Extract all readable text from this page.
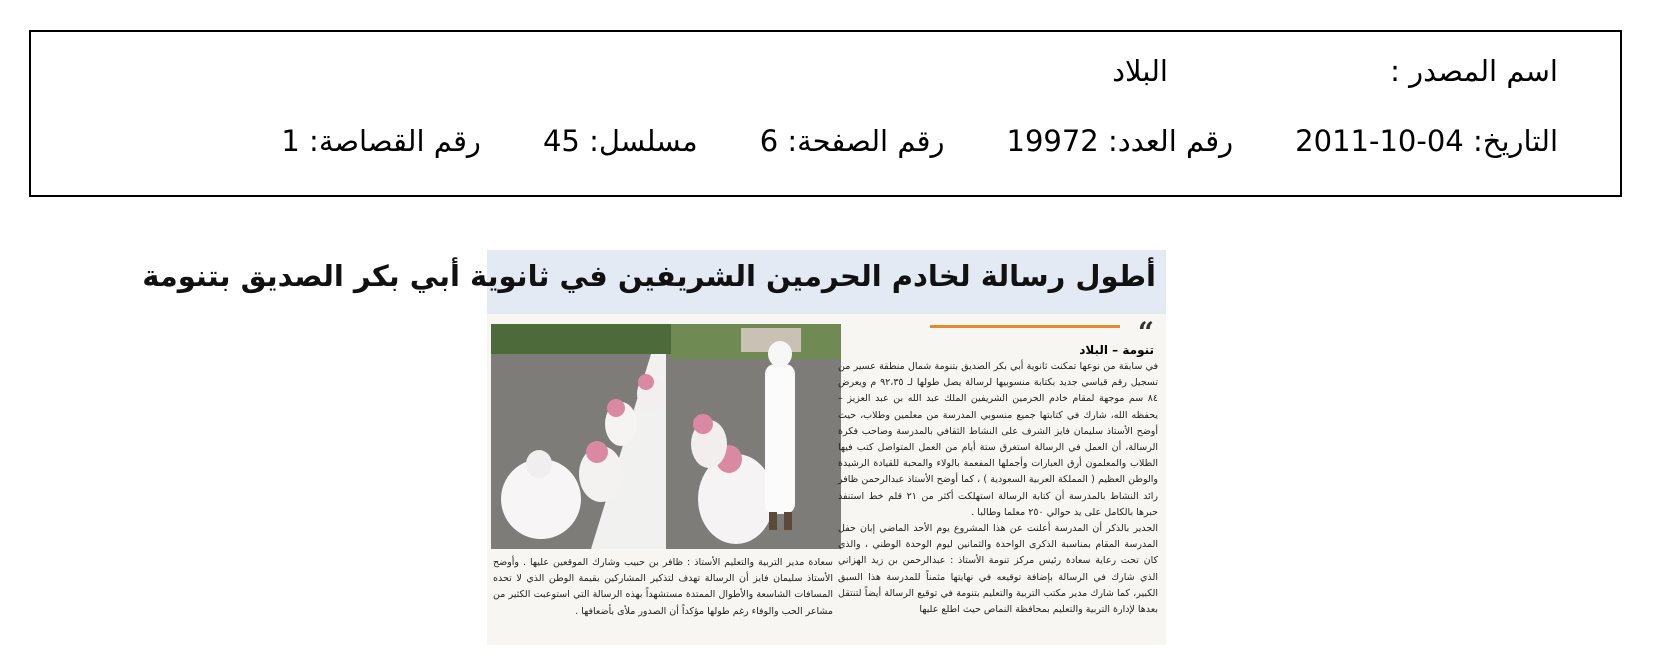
اسم المصدر :
البلاد
التاريخ: 04-10-2011
رقم العدد: 19972
رقم الصفحة: 6
مسلسل: 45
رقم القصاصة: 1
أطول رسالة لخادم الحرمين الشريفين في ثانوية أبي بكر الصديق بتنومة
“
تنومة – البلاد

في سابقة من نوعها تمكنت ثانوية أبي بكر الصديق بتنومة شمال منطقة عسير من تسجيل رقم قياسي جديد بكتابة منسوبيها لرسالة يصل طولها لـ ٩٢،٣٥ م ويعرض ٨٤ سم موجهة لمقام خادم الحرمين الشريفين الملك عبد الله بن عبد العزيز – يحفظه الله، شارك في كتابتها جميع منسوبي المدرسة من معلمين وطلاب، حيث أوضح الأستاذ سليمان فايز الشرف على النشاط الثقافي بالمدرسة وصاحب فكرة الرسالة، أن العمل في الرسالة استغرق ستة أيام من العمل المتواصل كتب فيها الطلاب والمعلمون أرق العبارات وأجملها المفعمة بالولاء والمحبة للقيادة الرشيدة والوطن العظيم ( المملكة العربية السعودية ) ، كما أوضح الأستاذ عبدالرحمن ظافر رائد النشاط بالمدرسة أن كتابة الرسالة استهلكت أكثر من ٢١ قلم خط استنفد حبرها بالكامل على يد حوالي ٢٥٠ معلما وطالبا .

الجدير بالذكر أن المدرسة أعلنت عن هذا المشروع يوم الأحد الماضي إبان حفل المدرسة المقام بمناسبة الذكرى الواحدة والثمانين ليوم الوحدة الوطني ، والذي كان تحت رعاية سعادة رئيس مركز تنومة الأستاذ : عبدالرحمن بن زيد الهزاني الذي شارك في الرسالة بإضافة توقيعه في نهايتها مثمناً للمدرسة هذا السبق الكبير، كما شارك مدير مكتب التربية والتعليم بتنومة في توقيع الرسالة أيضاً لتنتقل بعدها لإدارة التربية والتعليم بمحافظة النماص حيث اطلع عليها

سعادة مدير التربية والتعليم الأستاذ : ظافر بن حبيب وشارك الموقعين عليها . وأوضح الأستاذ سليمان فايز أن الرسالة تهدف لتذكير المشاركين بقيمة الوطن الذي لا تحده المسافات الشاسعة والأطوال الممتدة مستشهداً بهذه الرسالة التي استوعبت الكثير من مشاعر الحب والوفاء رغم طولها مؤكداً أن الصدور ملأى بأضعافها .
